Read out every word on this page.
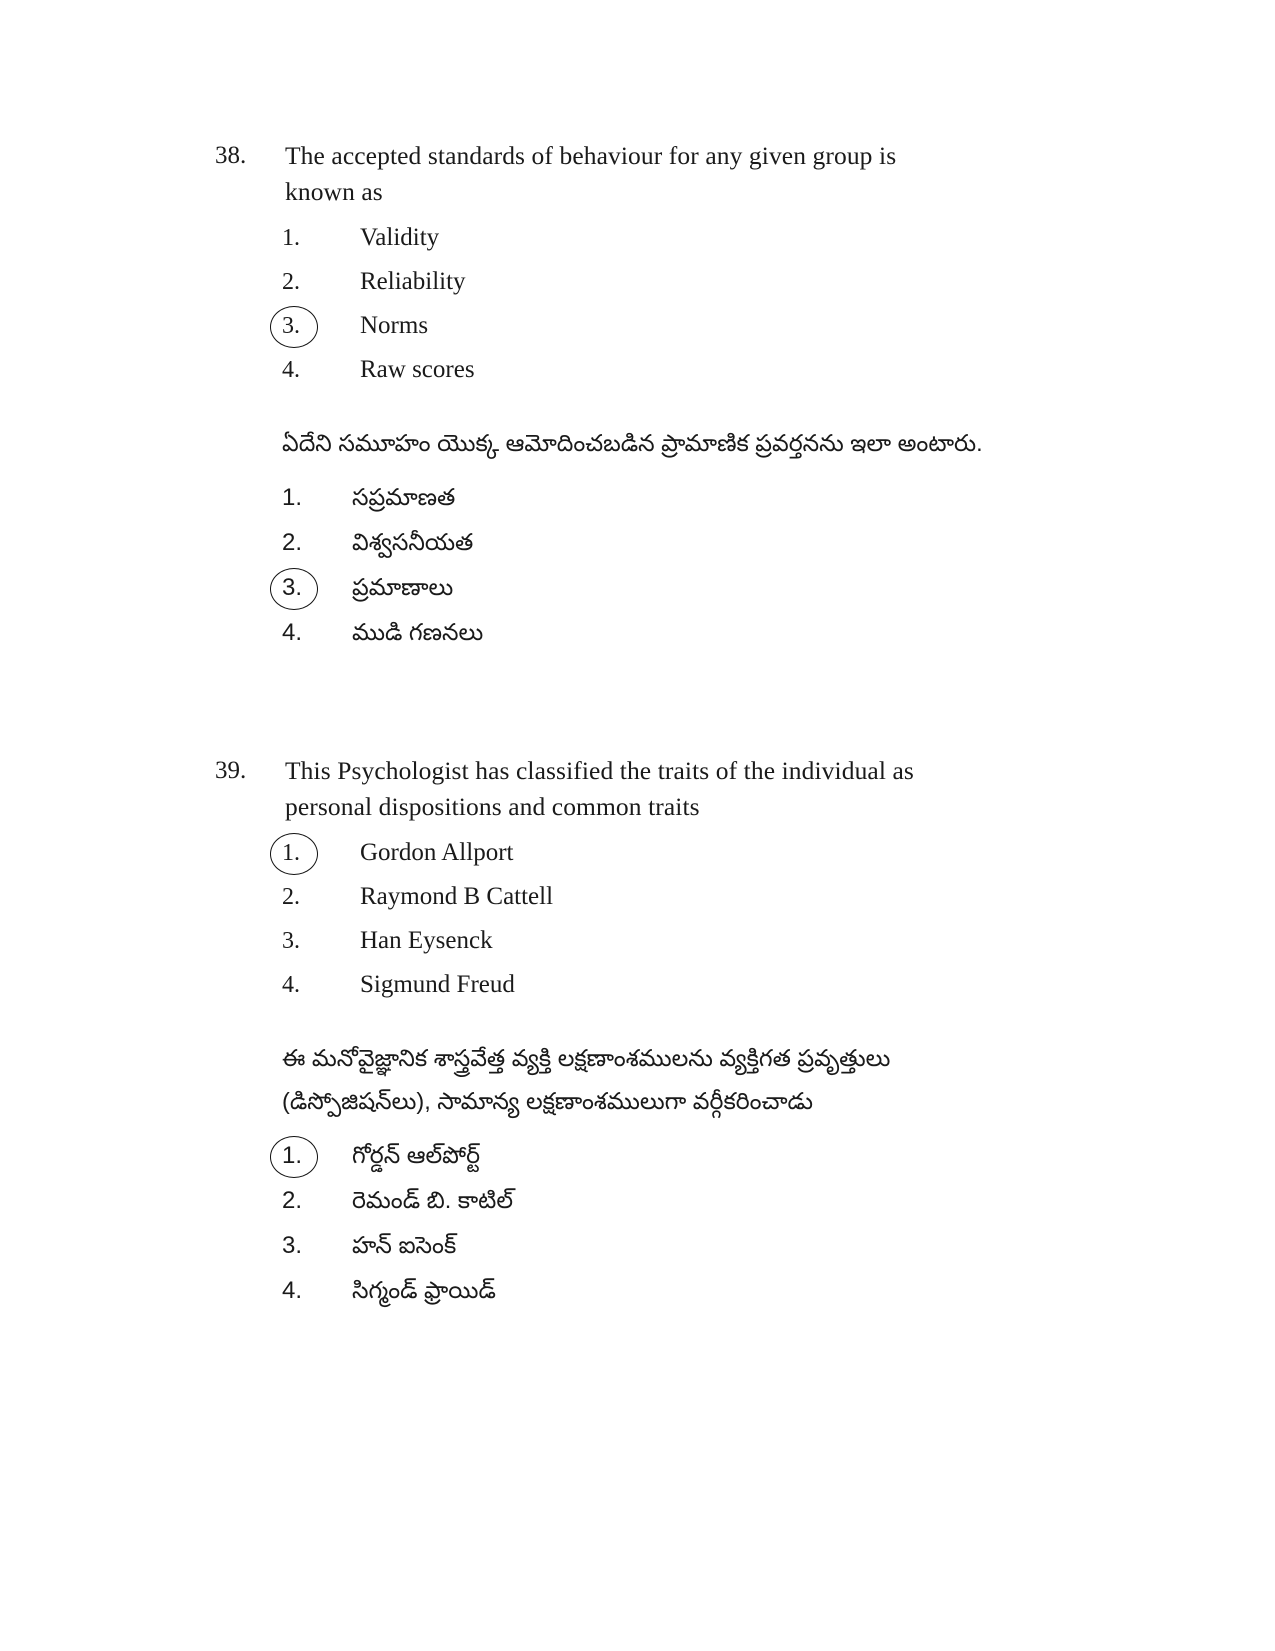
38.	The accepted standards of behaviour for any given group is known as
1.	Validity
2.	Reliability
3.	Norms
4.	Raw scores
ఏదేని సమూహం యొక్క ఆమోదించబడిన ప్రామాణిక ప్రవర్తనను ఇలా అంటారు.
1.	సప్రమాణత
2.	విశ్వసనీయత
3.	ప్రమాణాలు
4.	ముడి గణనలు
39.	This Psychologist has classified the traits of the individual as personal dispositions and common traits
1.	Gordon Allport
2.	Raymond B Cattell
3.	Han Eysenck
4.	Sigmund Freud
ఈ మనోవైజ్ఞానిక శాస్త్రవేత్త వ్యక్తి లక్షణాంశములను వ్యక్తిగత ప్రవృత్తులు (డిస్పోజిషన్‌లు), సామాన్య లక్షణాంశములుగా వర్గీకరించాడు
1.	గోర్డన్ ఆల్‌పోర్ట్
2.	రెమండ్ బి. కాటిల్
3.	హన్ ఐసెంక్
4.	సిగ్మండ్ ఫ్రాయిడ్
